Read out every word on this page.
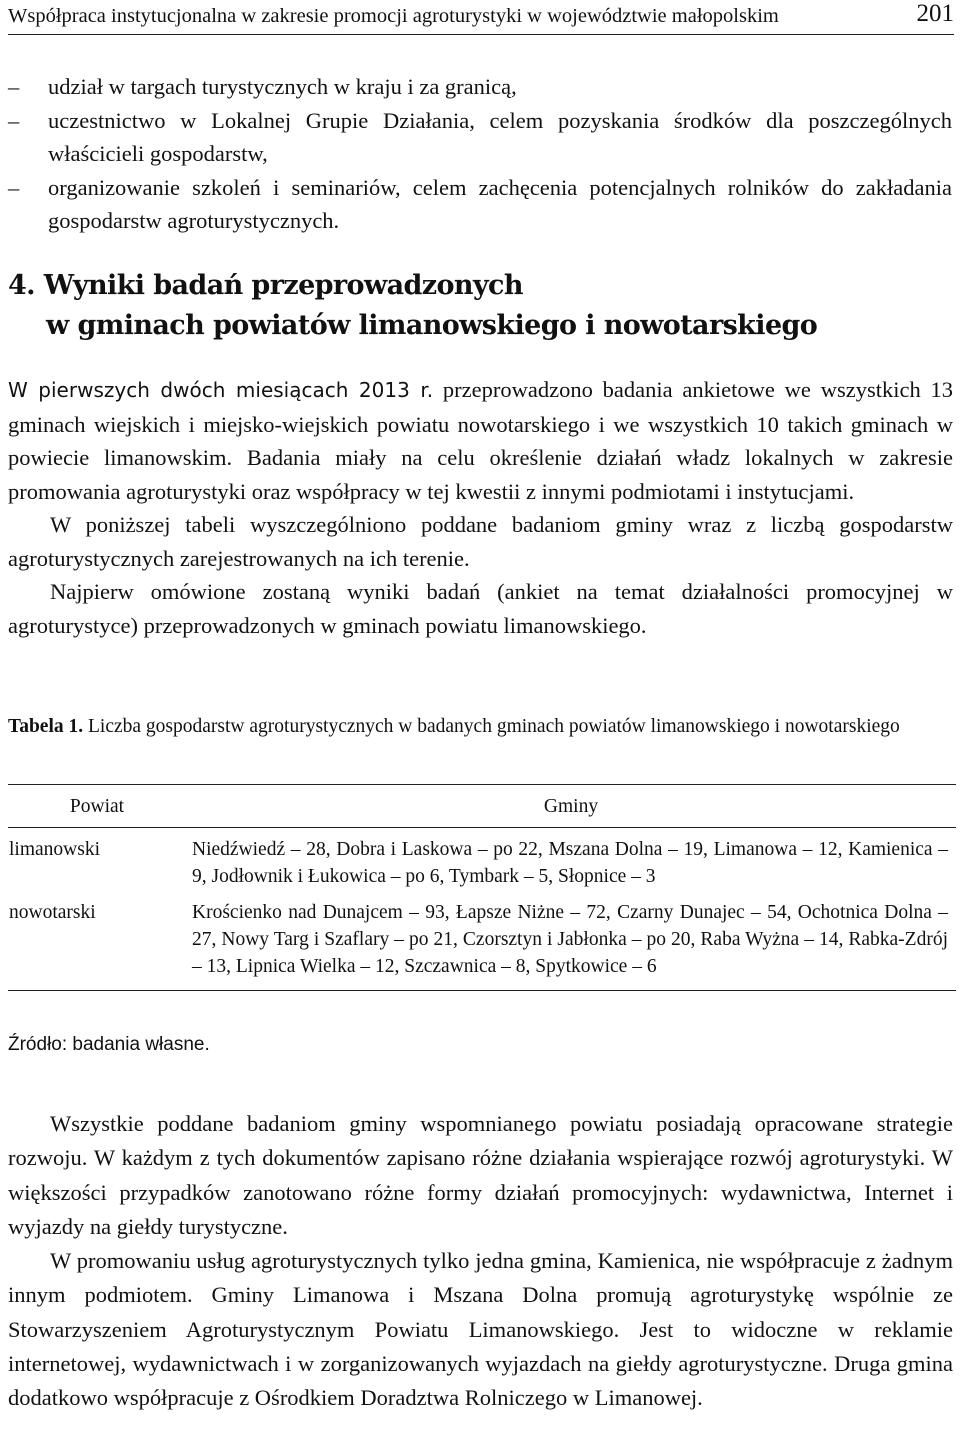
Współpraca instytucjonalna w zakresie promocji agroturystyki w województwie małopolskim	201
– udział w targach turystycznych w kraju i za granicą,
– uczestnictwo w Lokalnej Grupie Działania, celem pozyskania środków dla poszczególnych właścicieli gospodarstw,
– organizowanie szkoleń i seminariów, celem zachęcenia potencjalnych rolników do zakładania gospodarstw agroturystycznych.
4. Wyniki badań przeprowadzonych
w gminach powiatów limanowskiego i nowotarskiego
W pierwszych dwóch miesiącach 2013 r. przeprowadzono badania ankietowe we wszystkich 13 gminach wiejskich i miejsko-wiejskich powiatu nowotarskiego i we wszystkich 10 takich gminach w powiecie limanowskim. Badania miały na celu określenie działań władz lokalnych w zakresie promowania agroturystyki oraz współpracy w tej kwestii z innymi podmiotami i instytucjami.
W poniższej tabeli wyszczególniono poddane badaniom gminy wraz z liczbą gospodarstw agroturystycznych zarejestrowanych na ich terenie.
Najpierw omówione zostaną wyniki badań (ankiet na temat działalności promocyjnej w agroturystyce) przeprowadzonych w gminach powiatu limanowskiego.
Tabela 1. Liczba gospodarstw agroturystycznych w badanych gminach powiatów limanowskiego i nowotarskiego
Powiat	Gminy
limanowski	Niedźwiedź – 28, Dobra i Laskowa – po 22, Mszana Dolna – 19, Limanowa – 12, Kamienica – 9, Jodłownik i Łukowica – po 6, Tymbark – 5, Słopnice – 3
nowotarski	Krościenko nad Dunajcem – 93, Łapsze Niżne – 72, Czarny Dunajec – 54, Ochotnica Dolna – 27, Nowy Targ i Szaflary – po 21, Czorsztyn i Jabłonka – po 20, Raba Wyżna – 14, Rabka-Zdrój – 13, Lipnica Wielka – 12, Szczawnica – 8, Spytkowice – 6
Źródło: badania własne.
Wszystkie poddane badaniom gminy wspomnianego powiatu posiadają opracowane strategie rozwoju. W każdym z tych dokumentów zapisano różne działania wspierające rozwój agroturystyki. W większości przypadków zanotowano różne formy działań promocyjnych: wydawnictwa, Internet i wyjazdy na giełdy turystyczne.
W promowaniu usług agroturystycznych tylko jedna gmina, Kamienica, nie współpracuje z żadnym innym podmiotem. Gminy Limanowa i Mszana Dolna promują agroturystykę wspólnie ze Stowarzyszeniem Agroturystycznym Powiatu Limanowskiego. Jest to widoczne w reklamie internetowej, wydawnictwach i w zorganizowanych wyjazdach na giełdy agroturystyczne. Druga gmina dodatkowo współpracuje z Ośrodkiem Doradztwa Rolniczego w Limanowej.
